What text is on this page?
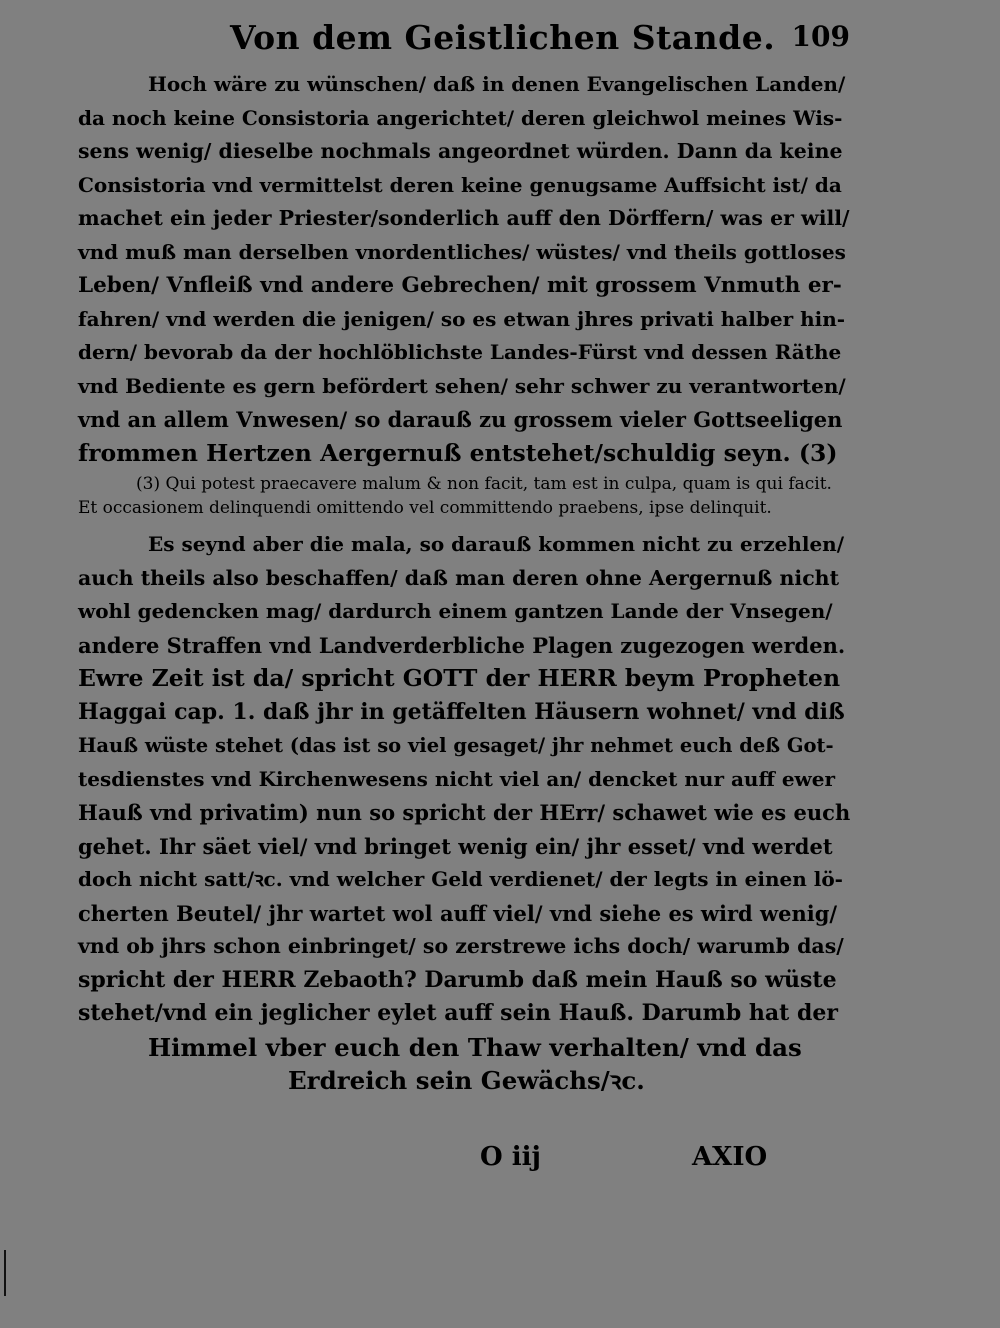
Von dem Geistlichen Stande. 109
Hoch wäre zu wünschen/ daß in denen Evangelischen Landen/
da noch keine Consistoria angerichtet/ deren gleichwol meines Wis-
sens wenig/ dieselbe nochmals angeordnet würden. Dann da keine
Consistoria vnd vermittelst deren keine genugsame Auffsicht ist/ da
machet ein jeder Priester/sonderlich auff den Dörffern/ was er will/
vnd muß man derselben vnordentliches/ wüstes/ vnd theils gottloses
Leben/ Vnfleiß vnd andere Gebrechen/ mit grossem Vnmuth er-
fahren/ vnd werden die jenigen/ so es etwan jhres privati halber hin-
dern/ bevorab da der hochlöblichste Landes-Fürst vnd dessen Räthe
vnd Bediente es gern befördert sehen/ sehr schwer zu verantworten/
vnd an allem Vnwesen/ so darauß zu grossem vieler Gottseeligen
frommen Hertzen Aergernuß entstehet/schuldig seyn. (3)
(3) Qui potest praecavere malum & non facit, tam est in culpa, quam is qui facit.
Et occasionem delinquendi omittendo vel committendo praebens, ipse delinquit.
Es seynd aber die mala, so darauß kommen nicht zu erzehlen/
auch theils also beschaffen/ daß man deren ohne Aergernuß nicht
wohl gedencken mag/ dardurch einem gantzen Lande der Vnsegen/
andere Straffen vnd Landverderbliche Plagen zugezogen werden.
Ewre Zeit ist da/ spricht GOTT der HERR beym Propheten
Haggai cap. 1. daß jhr in getäffelten Häusern wohnet/ vnd diß
Hauß wüste stehet (das ist so viel gesaget/ jhr nehmet euch deß Got-
tesdienstes vnd Kirchenwesens nicht viel an/ dencket nur auff ewer
Hauß vnd privatim) nun so spricht der HErr/ schawet wie es euch
gehet. Ihr säet viel/ vnd bringet wenig ein/ jhr esset/ vnd werdet
doch nicht satt/ꝛc. vnd welcher Geld verdienet/ der legts in einen lö-
cherten Beutel/ jhr wartet wol auff viel/ vnd siehe es wird wenig/
vnd ob jhrs schon einbringet/ so zerstrewe ichs doch/ warumb das/
spricht der HERR Zebaoth? Darumb daß mein Hauß so wüste
stehet/vnd ein jeglicher eylet auff sein Hauß. Darumb hat der
Himmel vber euch den Thaw verhalten/ vnd das
Erdreich sein Gewächs/ꝛc.
O iij	AXIO
